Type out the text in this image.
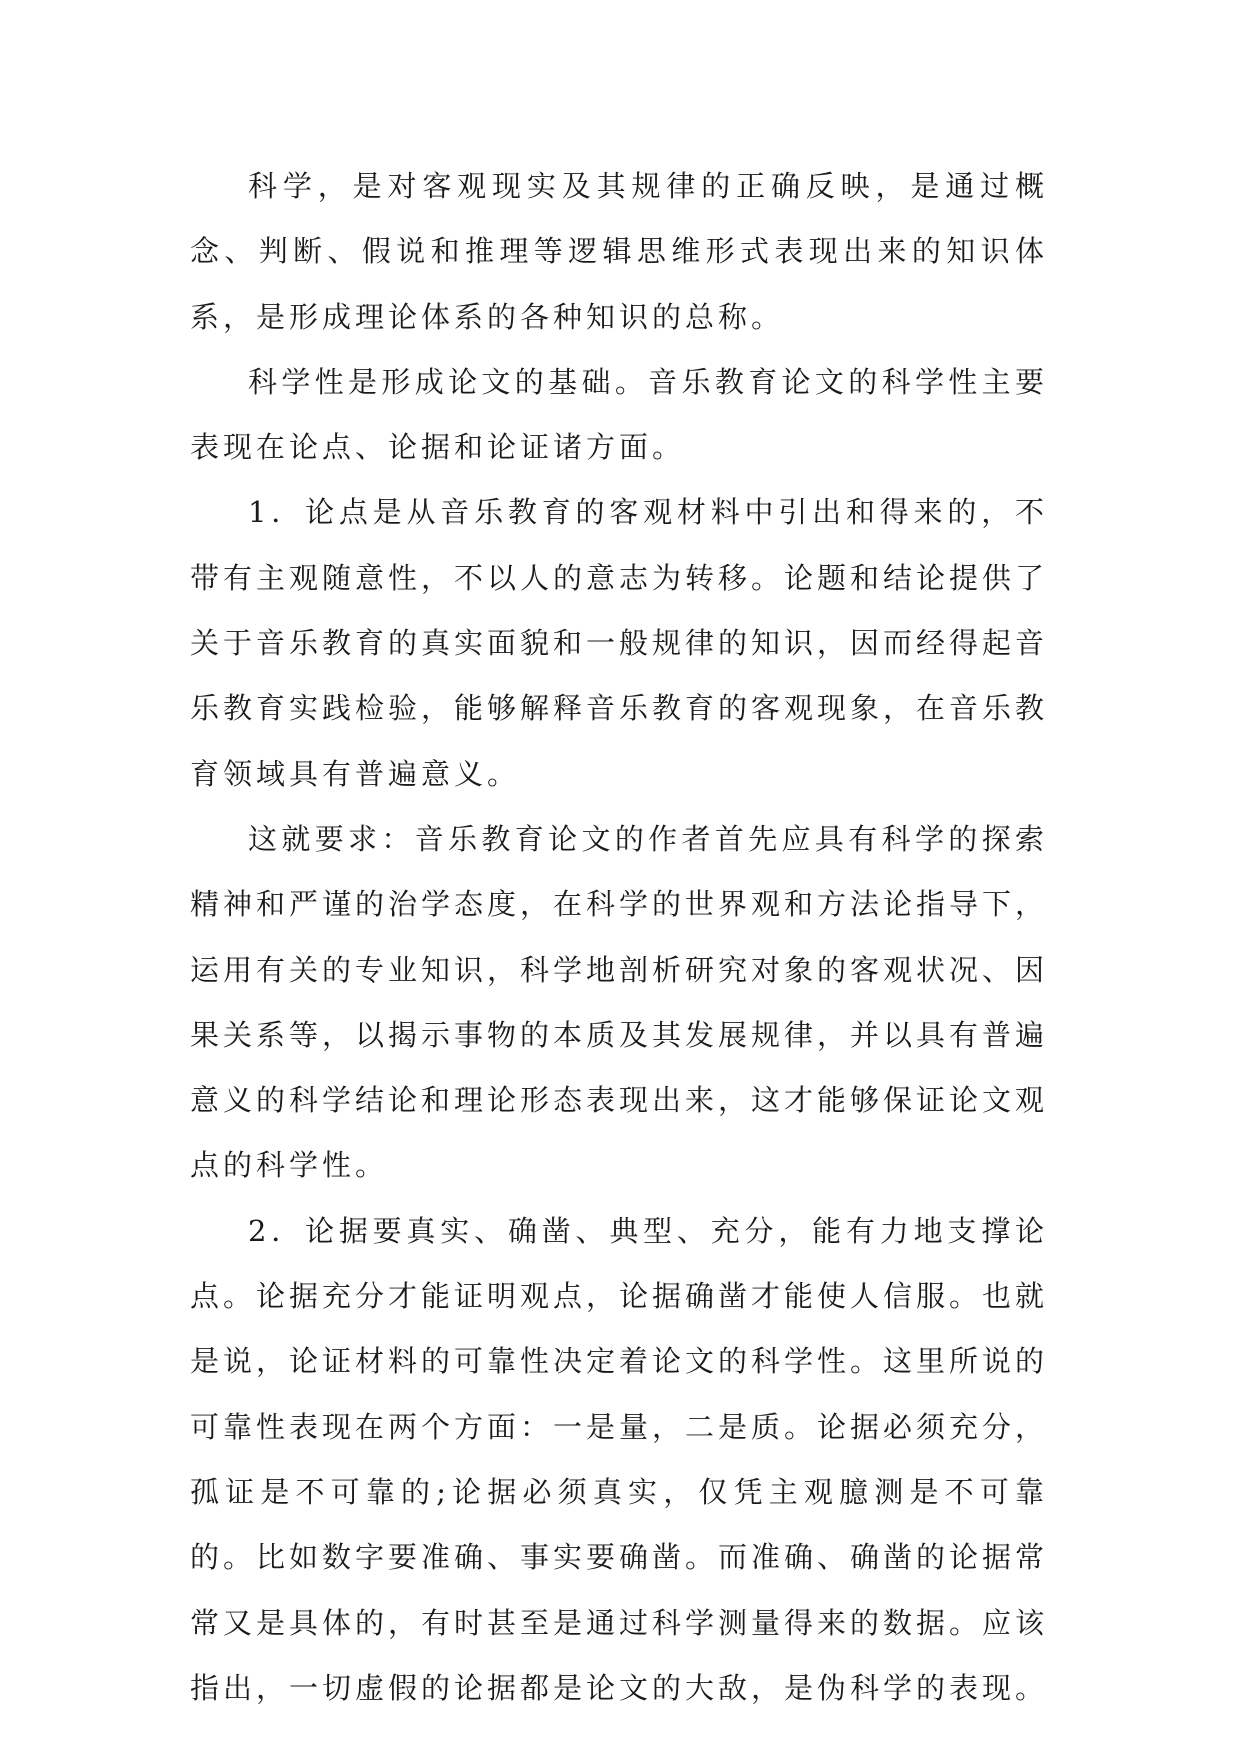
科学，是对客观现实及其规律的正确反映，是通过概念、判断、假说和推理等逻辑思维形式表现出来的知识体系，是形成理论体系的各种知识的总称。

科学性是形成论文的基础。音乐教育论文的科学性主要表现在论点、论据和论证诸方面。

1．论点是从音乐教育的客观材料中引出和得来的，不带有主观随意性，不以人的意志为转移。论题和结论提供了关于音乐教育的真实面貌和一般规律的知识，因而经得起音乐教育实践检验，能够解释音乐教育的客观现象，在音乐教育领域具有普遍意义。

这就要求：音乐教育论文的作者首先应具有科学的探索精神和严谨的治学态度，在科学的世界观和方法论指导下，运用有关的专业知识，科学地剖析研究对象的客观状况、因果关系等，以揭示事物的本质及其发展规律，并以具有普遍意义的科学结论和理论形态表现出来，这才能够保证论文观点的科学性。

2．论据要真实、确凿、典型、充分，能有力地支撑论点。论据充分才能证明观点，论据确凿才能使人信服。也就是说，论证材料的可靠性决定着论文的科学性。这里所说的可靠性表现在两个方面：一是量，二是质。论据必须充分，孤证是不可靠的;论据必须真实，仅凭主观臆测是不可靠的。比如数字要准确、事实要确凿。而准确、确凿的论据常常又是具体的，有时甚至是通过科学测量得来的数据。应该指出，一切虚假的论据都是论文的大敌，是伪科学的表现。
